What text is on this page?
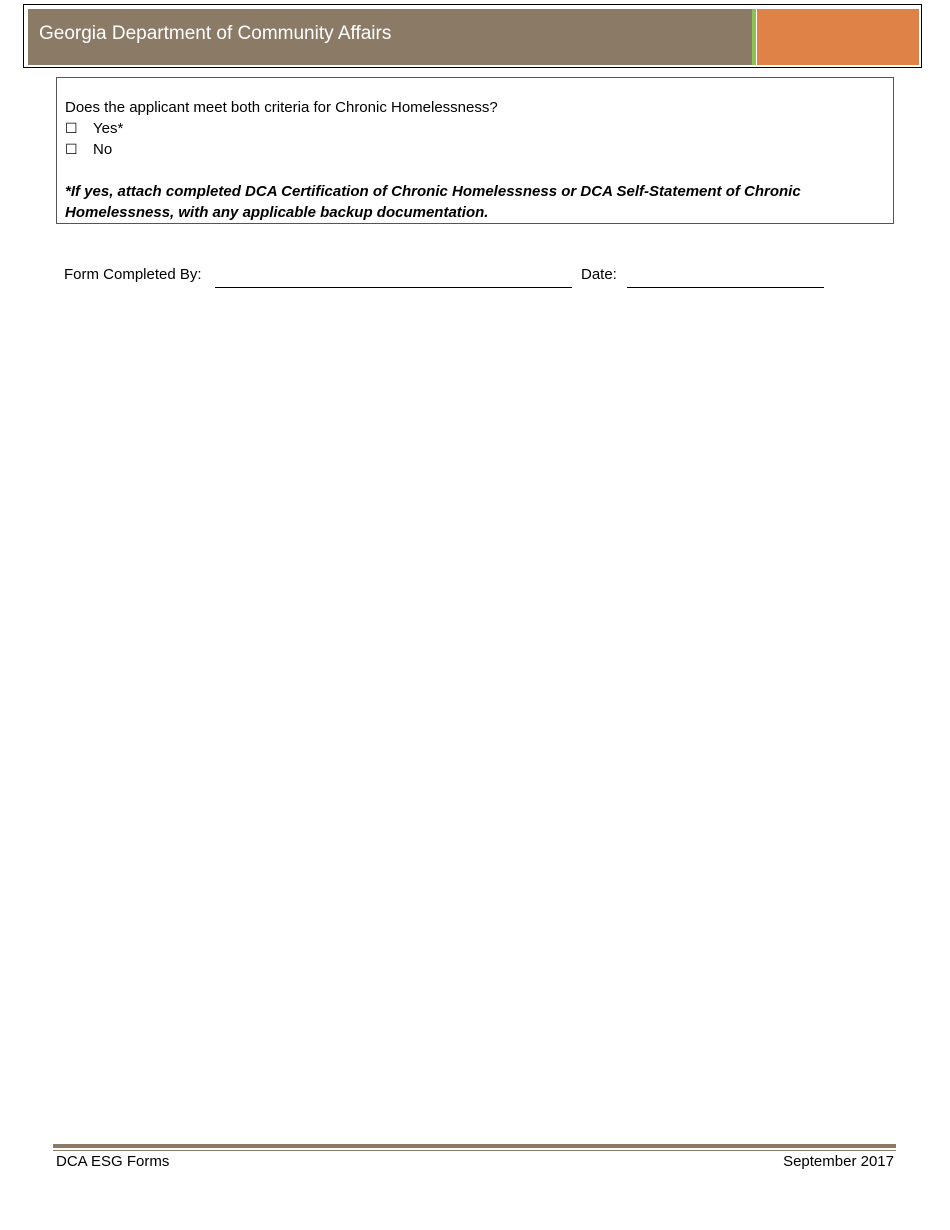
Georgia Department of Community Affairs
Does the applicant meet both criteria for Chronic Homelessness?
☐	Yes*
☐	No
*If yes, attach completed DCA Certification of Chronic Homelessness or DCA Self-Statement of Chronic Homelessness, with any applicable backup documentation.
Form Completed By:	Date:
DCA ESG Forms	September 2017
